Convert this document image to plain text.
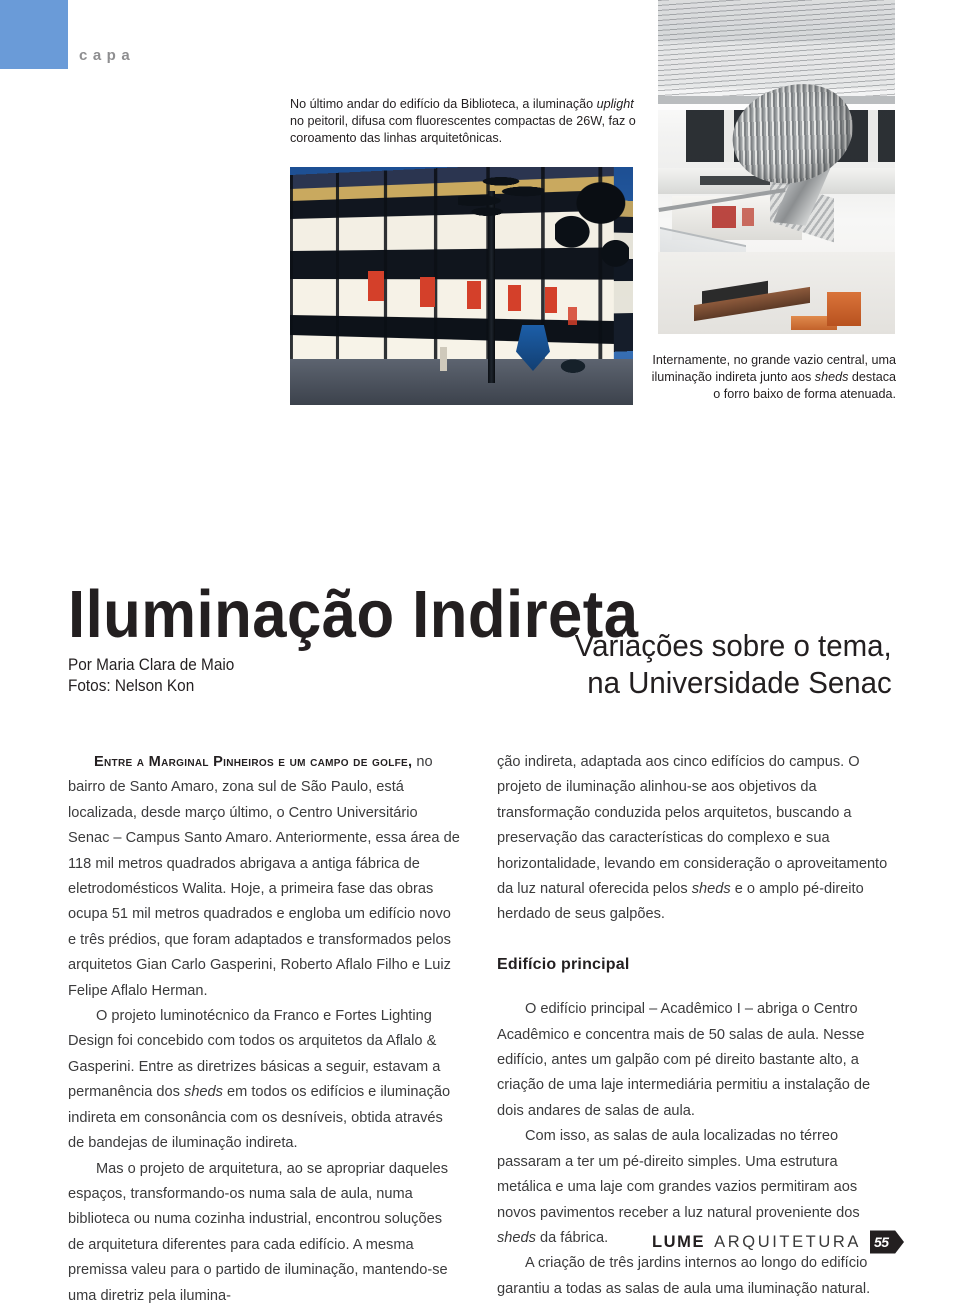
capa
No último andar do edifício da Biblioteca, a iluminação uplight no peitoril, difusa com fluorescentes compactas de 26W, faz o coroamento das linhas arquitetônicas.
Internamente, no grande vazio central, uma iluminação indireta junto aos sheds destaca o forro baixo de forma atenuada.
Iluminação Indireta
Variações sobre o tema,
na Universidade Senac
Por Maria Clara de Maio
Fotos: Nelson Kon

Entre a Marginal Pinheiros e um campo de golfe, no bairro de Santo Amaro, zona sul de São Paulo, está localizada, desde março último, o Centro Universitário Senac – Campus Santo Amaro. Anteriormente, essa área de 118 mil metros quadrados abrigava a antiga fábrica de eletrodomésticos Walita. Hoje, a primeira fase das obras ocupa 51 mil metros quadrados e engloba um edifício novo e três prédios, que foram adaptados e transformados pelos arquitetos Gian Carlo Gasperini, Roberto Aflalo Filho e Luiz Felipe Aflalo Herman.

O projeto luminotécnico da Franco e Fortes Lighting Design foi concebido com todos os arquitetos da Aflalo & Gasperini. Entre as diretrizes básicas a seguir, estavam a permanência dos sheds em todos os edifícios e iluminação indireta em consonância com os desníveis, obtida através de bandejas de iluminação indireta.

Mas o projeto de arquitetura, ao se apropriar daqueles espaços, transformando-os numa sala de aula, numa biblioteca ou numa cozinha industrial, encontrou soluções de arquitetura diferentes para cada edifício. A mesma premissa valeu para o partido de iluminação, mantendo-se uma diretriz pela ilumina-

ção indireta, adaptada aos cinco edifícios do campus. O projeto de iluminação alinhou-se aos objetivos da transformação conduzida pelos arquitetos, buscando a preservação das características do complexo e sua horizontalidade, levando em consideração o aproveitamento da luz natural oferecida pelos sheds e o amplo pé-direito herdado de seus galpões.

Edifício principal

O edifício principal – Acadêmico I – abriga o Centro Acadêmico e concentra mais de 50 salas de aula. Nesse edifício, antes um galpão com pé direito bastante alto, a criação de uma laje intermediária permitiu a instalação de dois andares de salas de aula.

Com isso, as salas de aula localizadas no térreo passaram a ter um pé-direito simples. Uma estrutura metálica e uma laje com grandes vazios permitiram aos novos pavimentos receber a luz natural proveniente dos sheds da fábrica.

A criação de três jardins internos ao longo do edifício garantiu a todas as salas de aula uma iluminação natural.

LUME ARQUITETURA 55
